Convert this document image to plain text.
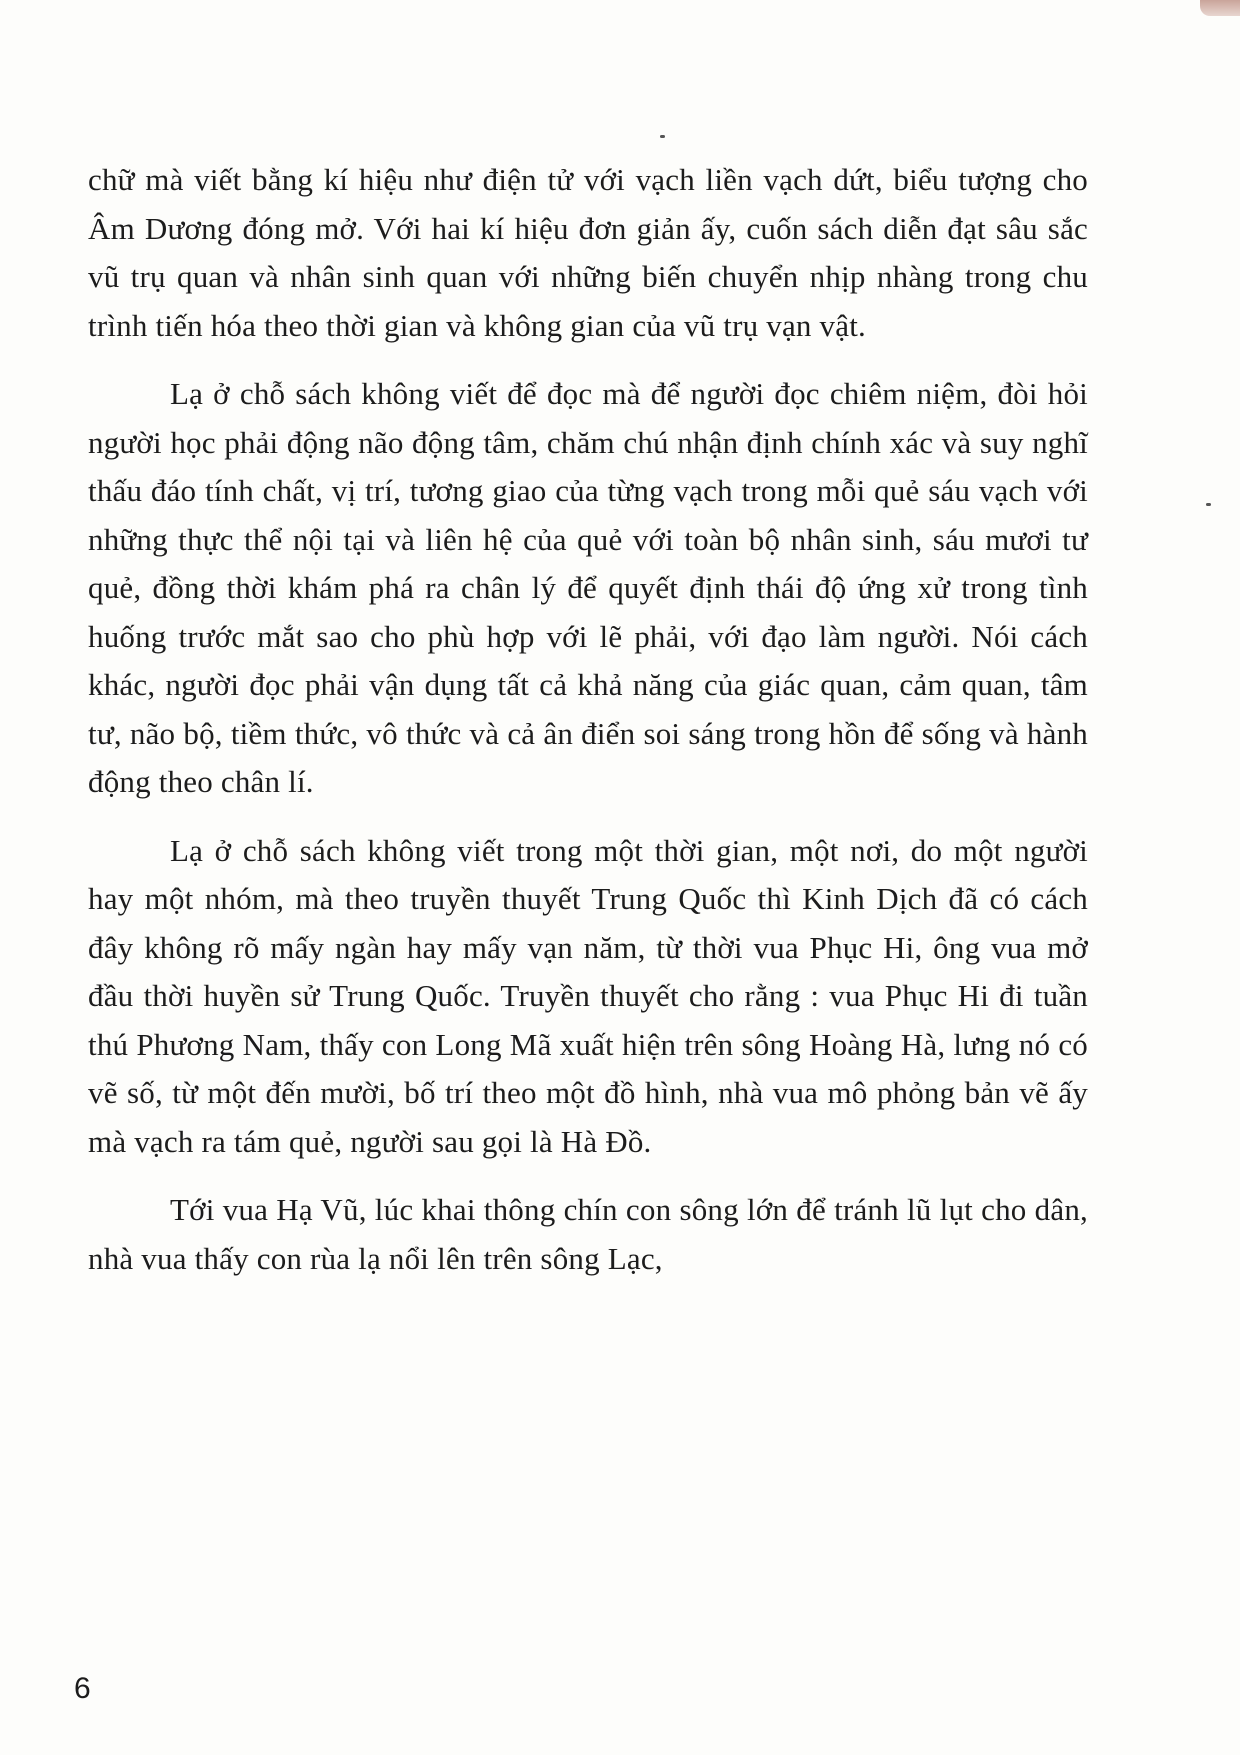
chữ mà viết bằng kí hiệu như điện tử với vạch liền vạch dứt, biểu tượng cho Âm Dương đóng mở. Với hai kí hiệu đơn giản ấy, cuốn sách diễn đạt sâu sắc vũ trụ quan và nhân sinh quan với những biến chuyển nhịp nhàng trong chu trình tiến hóa theo thời gian và không gian của vũ trụ vạn vật.

Lạ ở chỗ sách không viết để đọc mà để người đọc chiêm niệm, đòi hỏi người học phải động não động tâm, chăm chú nhận định chính xác và suy nghĩ thấu đáo tính chất, vị trí, tương giao của từng vạch trong mỗi quẻ sáu vạch với những thực thể nội tại và liên hệ của quẻ với toàn bộ nhân sinh, sáu mươi tư quẻ, đồng thời khám phá ra chân lý để quyết định thái độ ứng xử trong tình huống trước mắt sao cho phù hợp với lẽ phải, với đạo làm người. Nói cách khác, người đọc phải vận dụng tất cả khả năng của giác quan, cảm quan, tâm tư, não bộ, tiềm thức, vô thức và cả ân điển soi sáng trong hồn để sống và hành động theo chân lí.

Lạ ở chỗ sách không viết trong một thời gian, một nơi, do một người hay một nhóm, mà theo truyền thuyết Trung Quốc thì Kinh Dịch đã có cách đây không rõ mấy ngàn hay mấy vạn năm, từ thời vua Phục Hi, ông vua mở đầu thời huyền sử Trung Quốc. Truyền thuyết cho rằng : vua Phục Hi đi tuần thú Phương Nam, thấy con Long Mã xuất hiện trên sông Hoàng Hà, lưng nó có vẽ số, từ một đến mười, bố trí theo một đồ hình, nhà vua mô phỏng bản vẽ ấy mà vạch ra tám quẻ, người sau gọi là Hà Đồ.

Tới vua Hạ Vũ, lúc khai thông chín con sông lớn để tránh lũ lụt cho dân, nhà vua thấy con rùa lạ nổi lên trên sông Lạc,

6
